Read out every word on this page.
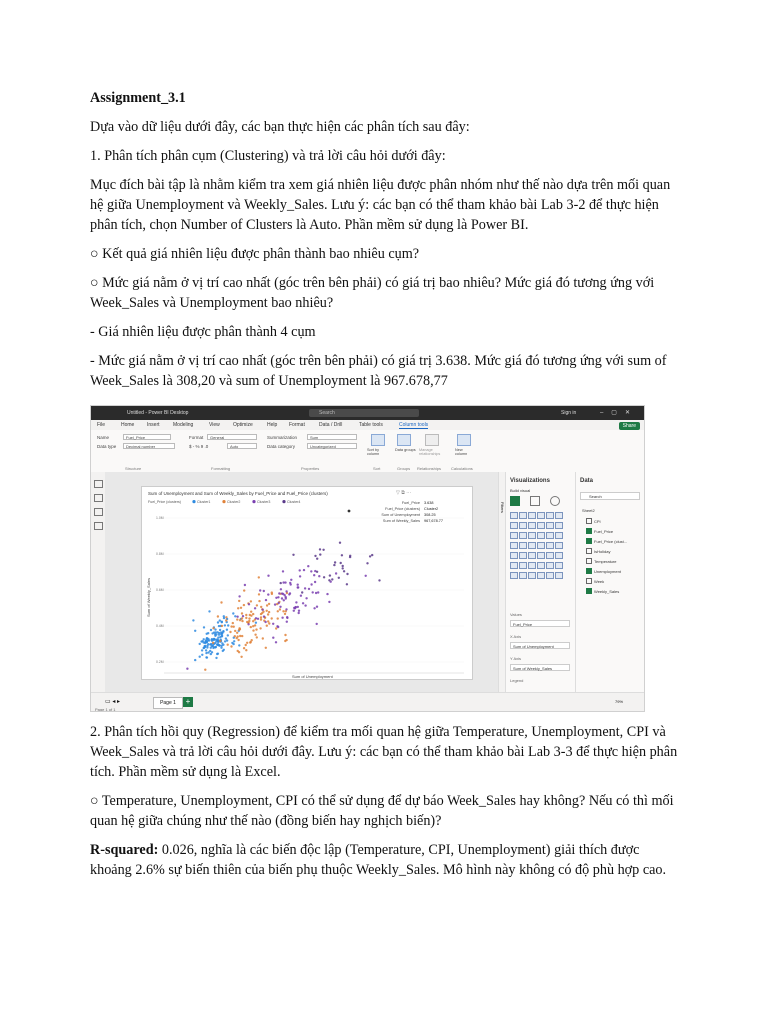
Assignment_3.1

Dựa vào dữ liệu dưới đây, các bạn thực hiện các phân tích sau đây:

1. Phân tích phân cụm (Clustering) và trả lời câu hỏi dưới đây:

Mục đích bài tập là nhằm kiểm tra xem giá nhiên liệu được phân nhóm như thế nào dựa trên mối quan hệ giữa Unemployment và Weekly_Sales. Lưu ý: các bạn có thể tham khảo bài Lab 3-2 để thực hiện phân tích, chọn Number of Clusters là Auto. Phần mềm sử dụng là Power BI.

○ Kết quả giá nhiên liệu được phân thành bao nhiêu cụm?

○ Mức giá nằm ở vị trí cao nhất (góc trên bên phải) có giá trị bao nhiêu? Mức giá đó tương ứng với Week_Sales và Unemployment bao nhiêu?

- Giá nhiên liệu được phân thành 4 cụm

- Mức giá nằm ở vị trí cao nhất (góc trên bên phải) có giá trị 3.638. Mức giá đó tương ứng với sum of Week_Sales là 308,20 và sum of Unemployment là 967.678,77

Untitled - Power BI Desktop	Search	Sign in	–▢✕
File	Home	Insert	Modeling	View	Optimize	Help Format	Data / Drill	Table tools	Column tools	Share
Name	Fuel_Price
Data type	Decimal number
Structure
Format	General
$ - % 9 .0	Auto
Formatting
Summarization	Sum
Data category	Uncategorized
Properties
Sort by column
Sort
Data groups
Groups
Manage relationships
Relationships
New column
Calculations
Sum of Unemployment and Sum of Weekly_Sales by Fuel_Price and Fuel_Price (clusters)	▽ ⧉ ···
Fuel_Price (clusters)	Cluster1	Cluster2	Cluster3	Cluster4
1.0M
0.8M
0.6M
0.4M
0.2M
Sum of Unemployment
Sum of Weekly_Sales
Fuel_Price 3.638
Fuel_Price (clusters) Cluster2
Sum of Unemployment 308.25
Sum of Weekly_Sales 967,678.77
Filters
Visualizations
Build visual
Values
Fuel_Price
X Axis
Sum of Unemployment
Y Axis
Sum of Weekly_Sales
Legend
Data
Search
Sheet2
CPI
Fuel_Price
Fuel_Price (clust...
IsHoliday
Temperature
Unemployment
Week
Weekly_Sales
▭ ◂ ▸	Page 1	+
Page 1 of 1
79%

2. Phân tích hồi quy (Regression) để kiểm tra mối quan hệ giữa Temperature, Unemployment, CPI và Week_Sales và trả lời câu hỏi dưới đây. Lưu ý: các bạn có thể tham khảo bài Lab 3-3 để thực hiện phân tích. Phần mềm sử dụng là Excel.

○ Temperature, Unemployment, CPI có thể sử dụng để dự báo Week_Sales hay không? Nếu có thì mối quan hệ giữa chúng như thế nào (đồng biến hay nghịch biến)?

R-squared: 0.026, nghĩa là các biến độc lập (Temperature, CPI, Unemployment) giải thích được khoảng 2.6% sự biến thiên của biến phụ thuộc Weekly_Sales. Mô hình này không có độ phù hợp cao.
